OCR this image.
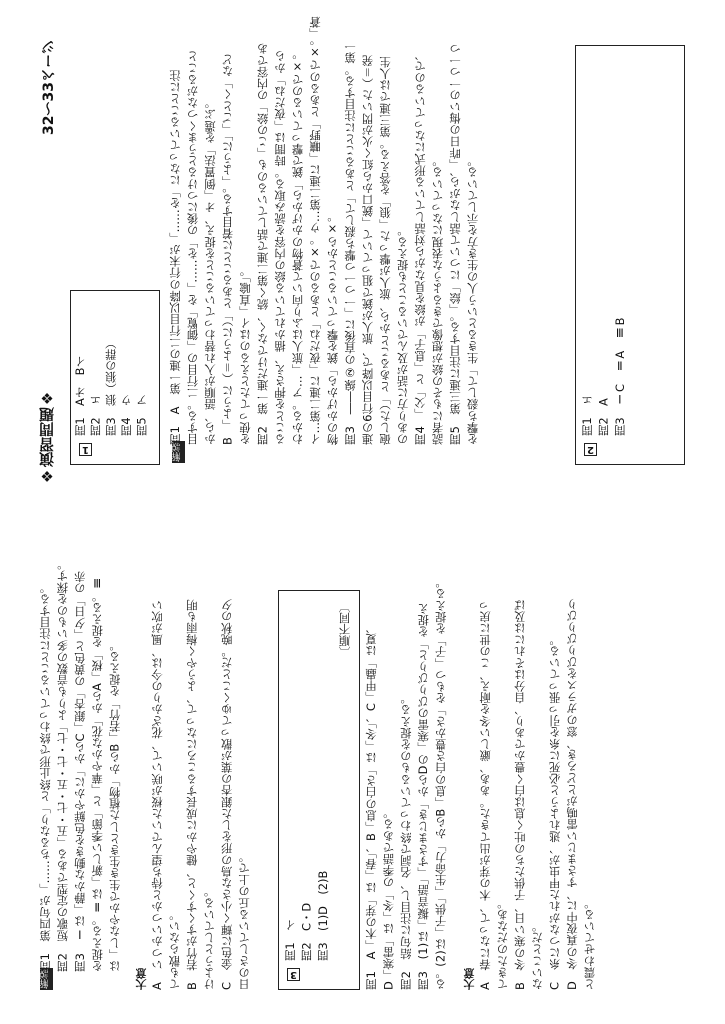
❖演習問題❖
32〜33ページ
1
問1　Aオ　Bイ 問2　エ 問3　狼（狼の群） 問4　ウ 問5　ア
解説
問1　A　第一連の二行目以降の行末が「……を」になっていることに注 目する。二行目の「御覧」を「……を」の後につけるとうまくつながること から、語順が入れ替わっていることを捉え、オ「倒置法」を選ぶ。 B　「ように（＝ように）」とあることに着目する。「ように」「ごとく」など を使ってたとえるのはイ「直喩」。 問2　第一連だけでなく、続く第二連で話しているのも「この絵」の内容であ ることを押さえ、描かれている絵の内容を読み取る。時間は「夜だね」から わかる。ア…「旅人はふり向いて蒼物のかげから」銃で撃っているので×。 イ…第二連に「夜だね」とあるので×。ウ…第二連に「曠野」とあるので×。「蒼 物のかげから」銃を撃っていることから×。 問3　――線②の直後に「一つ一つ撃ち殺して」とあることに注目する。第一 連の6行目以降で、旅人が銃で狙っていて「銃口から紅く火が閃いた（＝発 砲した）」とあることから、旅人が撃った「狼」を答える。第三連では人生 のあり方に話が及んでいることも捉える。 問4　「父」と「息子」が絵を見ながら対話している形式になっているので、 読者にもその絵が想像できるような表現になっている。 問5　第三連に注目する。「絵」について話しながら、「昨日の悔いの一つ一つ を撃ち殺して」生きるという人の生き方を示している。
2
問1　エ 問2　A 問3　ⅠC　ⅡA　ⅢB
解説
問1　第四句が「……ちるなり」と終止形で終わっていることに注目する。 問2　短歌の定型である「五・七・五・七・七」よりも音数の多いものを探す。 問3　Ⅰは「静かな動きを色鮮やかに」からC「銀杏」の黄色と「夕日」の赤 を捉える。Ⅱは「新しい季節」と「華やかな花」からA「桜」を捉える。Ⅲ は「しなやかで生き生きとした植物」からB「若竹」を捉える。
大意 A　いつかいつかと待ち望んでいた桜が咲いて、花ざかりの今は、風が吹い ても散らない。 B　若竹がすくすくと、健やかに成長するころになって、ようやく梅雨も明 けようとしている。 C　金色に輝く小さな鳥の形をした銀杏の葉が散ってゆくことだ。晩秋の夕 日のさしている丘の上で。	3
問1　イ 問2　C・D 問3　(1)D　(2)B
〔順不同〕 問1　A「木の芽」は「春」、B「息の白さ」は「冬」、C「甲蟲」は夏、 D「寒雷」は「冬」の季語である。 問2　結句に注目し、名詞で終わっているものを捉える。 問3　(1)は「擬音語」「すさまじき」からDの「寒雷のびりびりと」を捉え る。(2)は「子供」「生命力」からB「息の白さ豊かさ」をもつ「子」を捉える。 大意 A　春になって、木の芽が出てきた。ああ、厳しい冬を耐え、この世に戻っ てきたのだなあ。 B　冬の寒い日、子供たちの吐く息は白く豊かであり、自分はそれには及ば ないことだ。 C　糸につながれた甲虫が、逃れようと必死に糸を引っ張っている。 D　冬の真夜中に、すさまじい雷鳴がとどろき、窓のガラスをびりびりびり と震わせている。
